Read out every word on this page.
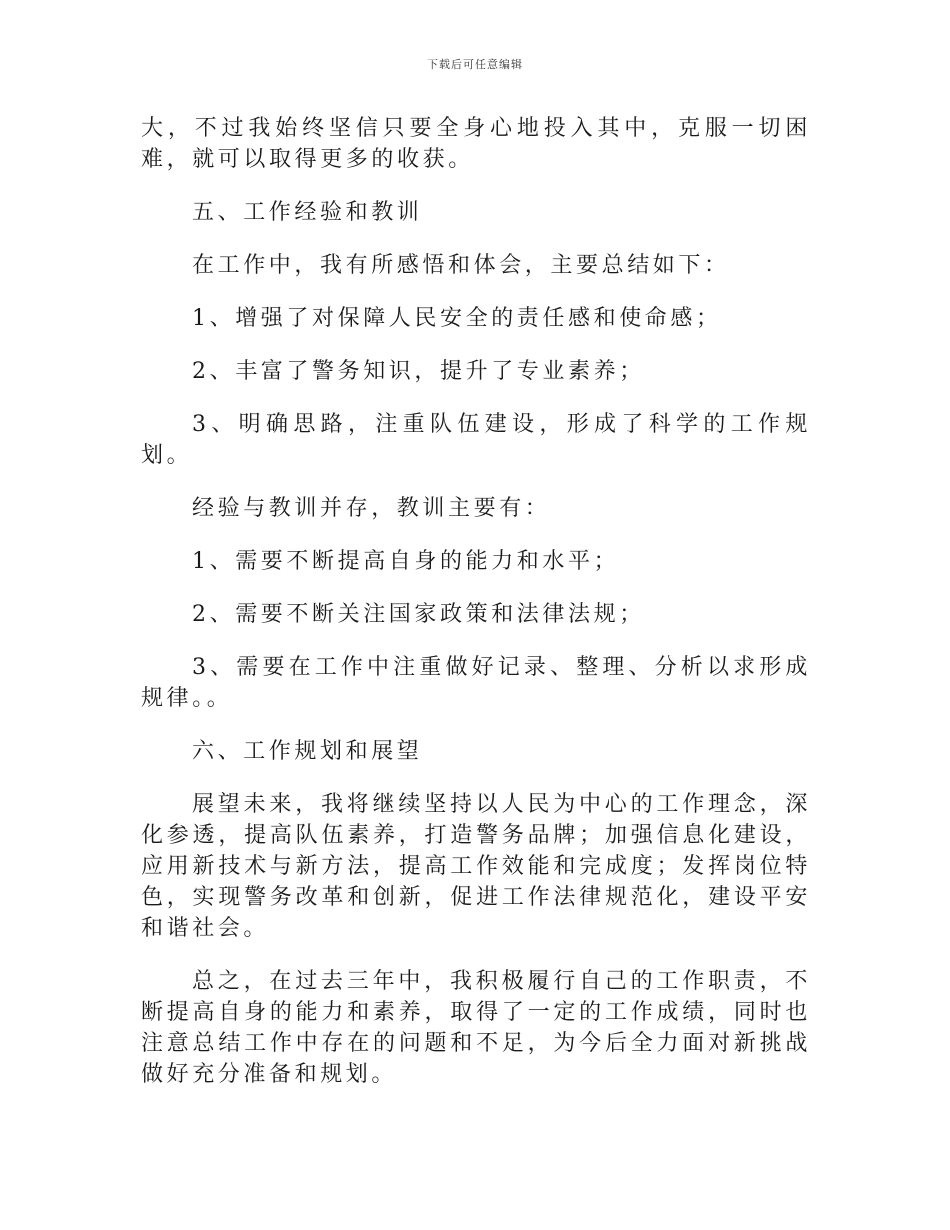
下载后可任意编辑

大，不过我始终坚信只要全身心地投入其中，克服一切困难，就可以取得更多的收获。

五、工作经验和教训

在工作中，我有所感悟和体会，主要总结如下：

1、增强了对保障人民安全的责任感和使命感；

2、丰富了警务知识，提升了专业素养；

3、明确思路，注重队伍建设，形成了科学的工作规划。

经验与教训并存，教训主要有：

1、需要不断提高自身的能力和水平；

2、需要不断关注国家政策和法律法规；

3、需要在工作中注重做好记录、整理、分析以求形成规律。。

六、工作规划和展望

展望未来，我将继续坚持以人民为中心的工作理念，深化参透，提高队伍素养，打造警务品牌；加强信息化建设，应用新技术与新方法，提高工作效能和完成度；发挥岗位特色，实现警务改革和创新，促进工作法律规范化，建设平安和谐社会。

总之，在过去三年中，我积极履行自己的工作职责，不断提高自身的能力和素养，取得了一定的工作成绩，同时也注意总结工作中存在的问题和不足，为今后全力面对新挑战做好充分准备和规划。
